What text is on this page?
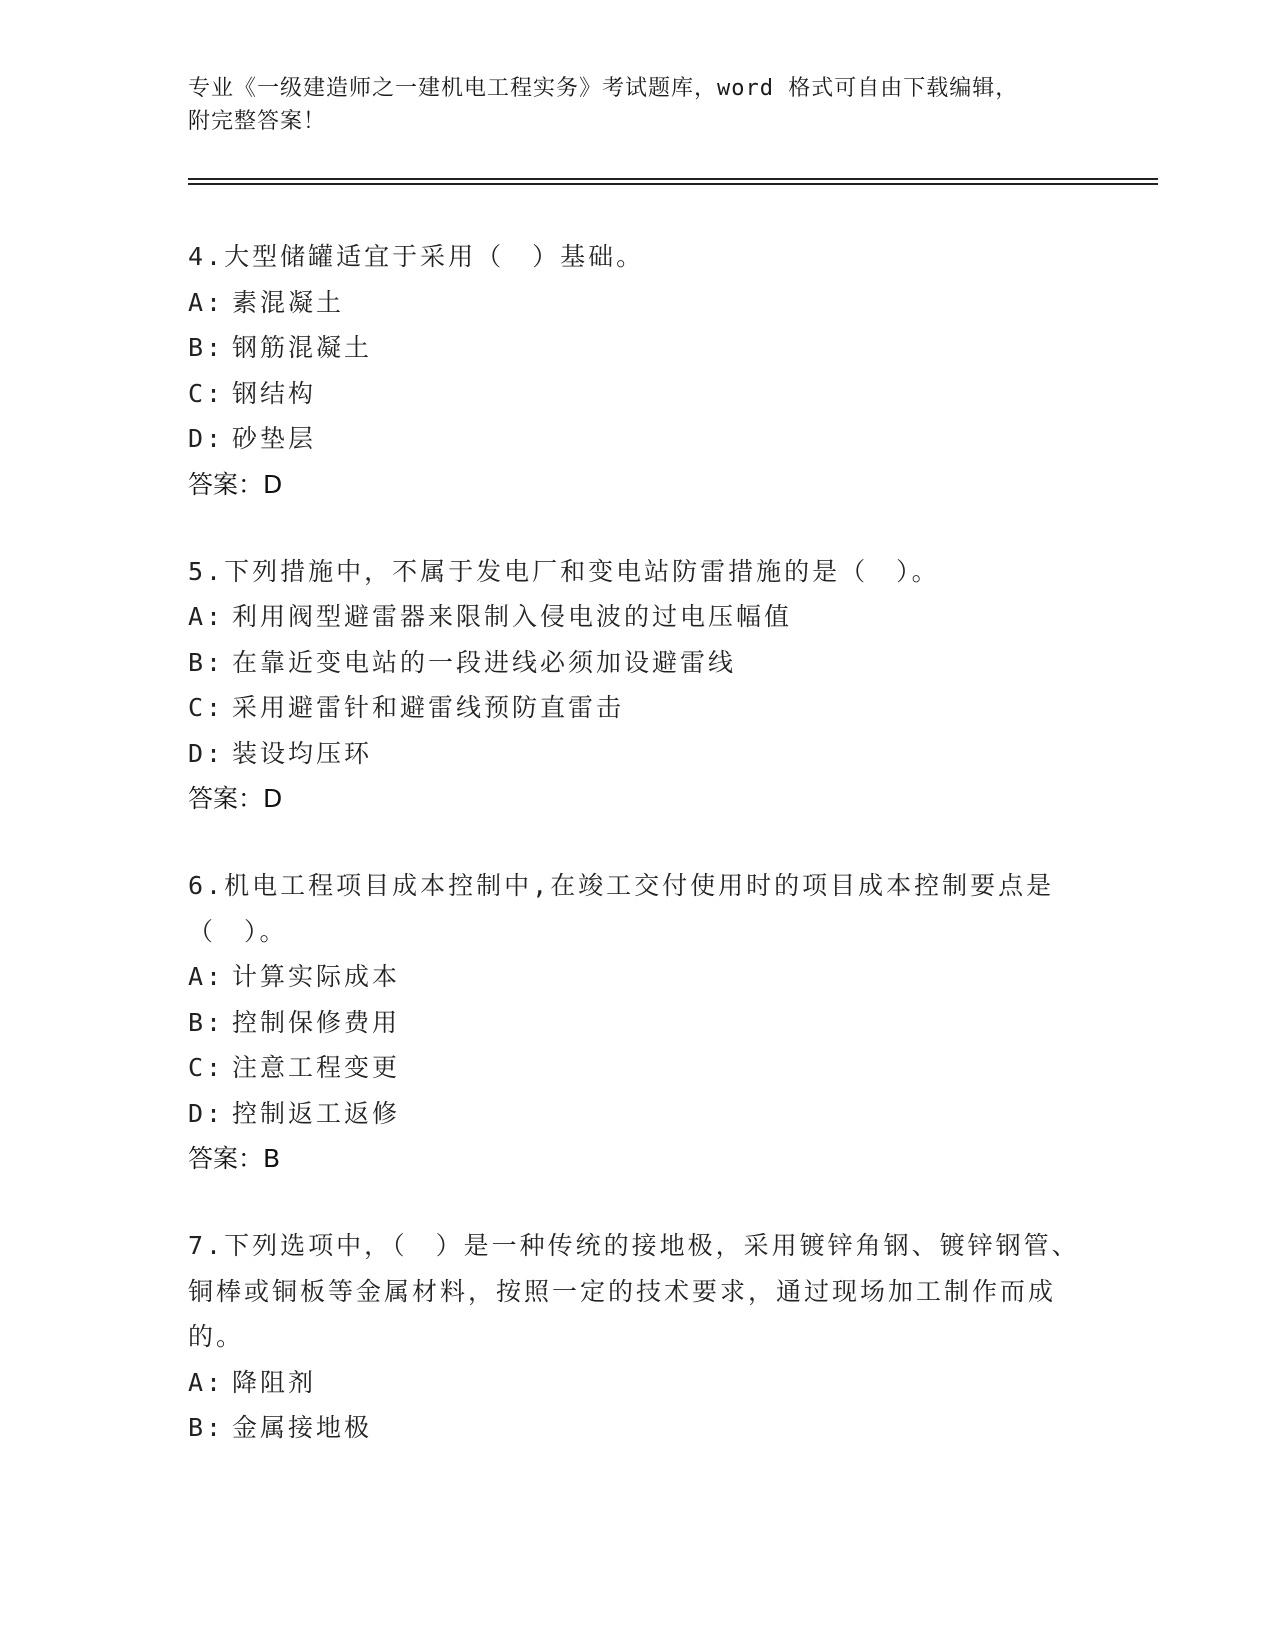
专业《一级建造师之一建机电工程实务》考试题库，word 格式可自由下载编辑，
附完整答案！
4.大型储罐适宜于采用（　）基础。
A: 素混凝土
B: 钢筋混凝土
C: 钢结构
D: 砂垫层
答案：D
5.下列措施中，不属于发电厂和变电站防雷措施的是（　）。
A: 利用阀型避雷器来限制入侵电波的过电压幅值
B: 在靠近变电站的一段进线必须加设避雷线
C: 采用避雷针和避雷线预防直雷击
D: 装设均压环
答案：D
6.机电工程项目成本控制中,在竣工交付使用时的项目成本控制要点是（　）。
A: 计算实际成本
B: 控制保修费用
C: 注意工程变更
D: 控制返工返修
答案：B
7.下列选项中，（　）是一种传统的接地极，采用镀锌角钢、镀锌钢管、铜棒或铜板等金属材料，按照一定的技术要求，通过现场加工制作而成的。
A: 降阻剂
B: 金属接地极
